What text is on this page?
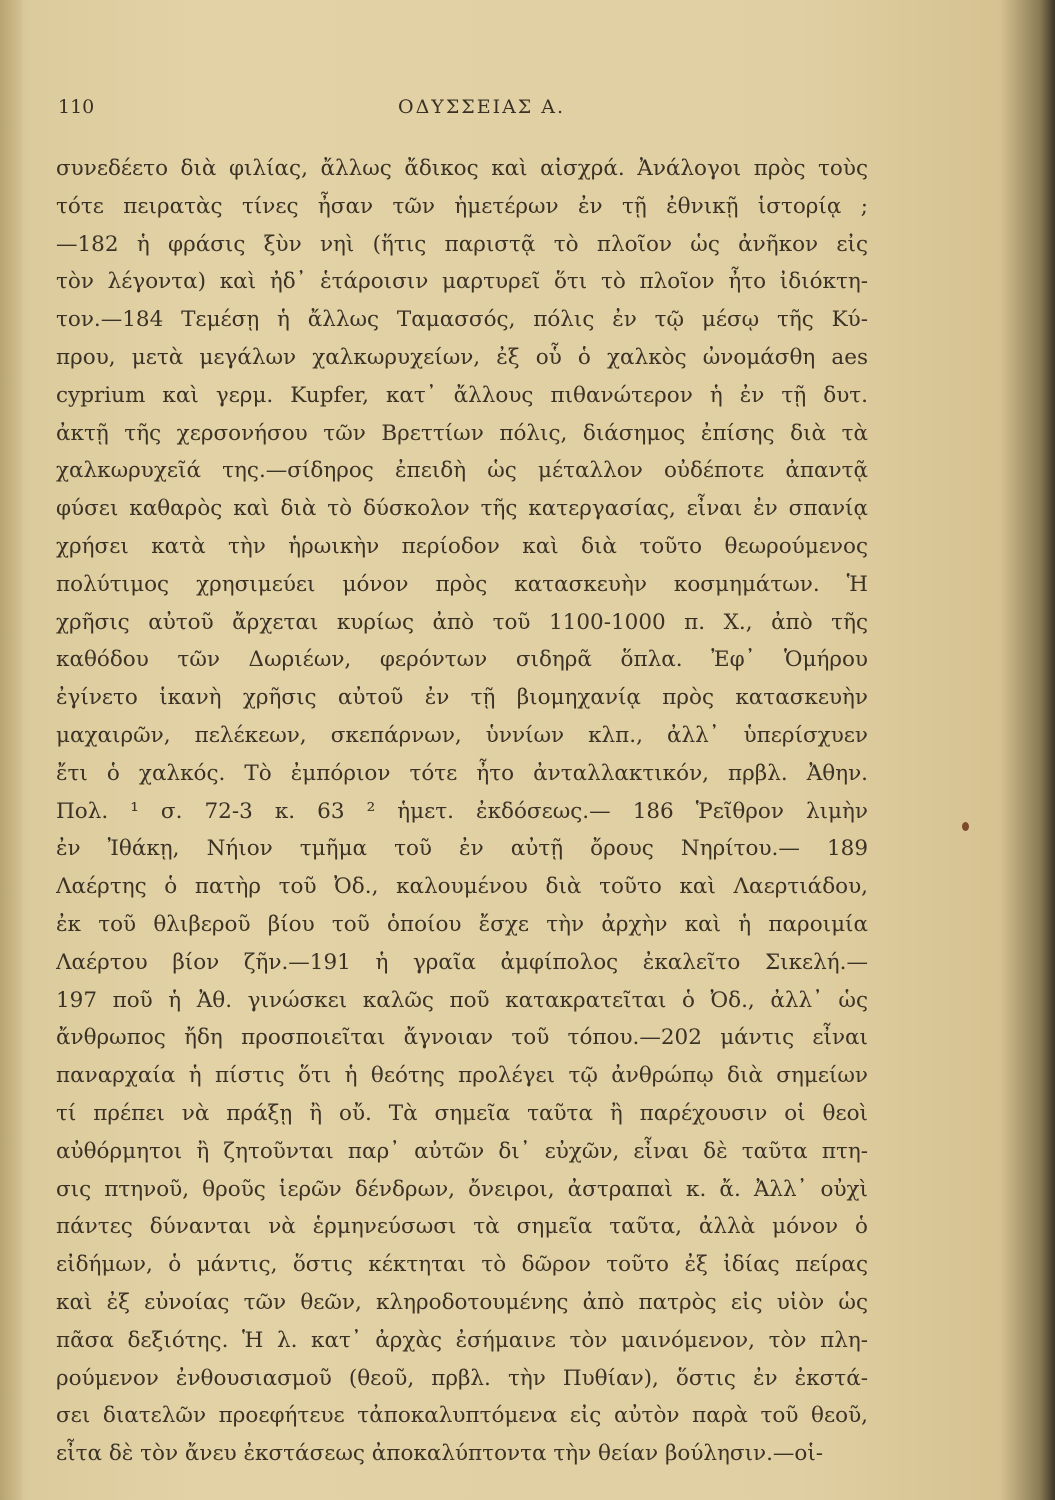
110	ΟΔΥΣΣΕΙΑΣ Α.
συνεδέετο διὰ φιλίας, ἄλλως ἄδικος καὶ αἰσχρά. Ἀνάλογοι πρὸς τοὺς
τότε πειρατὰς τίνες ἦσαν τῶν ἡμετέρων ἐν τῇ ἐθνικῇ ἱστορίᾳ ;
—182 ἡ φράσις ξὺν νηὶ (ἥτις παριστᾷ τὸ πλοῖον ὡς ἀνῆκον εἰς
τὸν λέγοντα) καὶ ἠδ᾽ ἑτάροισιν μαρτυρεῖ ὅτι τὸ πλοῖον ἦτο ἰδιόκτη-
τον.—184 Τεμέσῃ ἡ ἄλλως Ταμασσός, πόλις ἐν τῷ μέσῳ τῆς Κύ-
πρου, μετὰ μεγάλων χαλκωρυχείων, ἐξ οὗ ὁ χαλκὸς ὠνομάσθη aes
cyprium καὶ γερμ. Kupfer, κατ᾽ ἄλλους πιθανώτερον ἡ ἐν τῇ δυτ.
ἀκτῇ τῆς χερσονήσου τῶν Βρεττίων πόλις, διάσημος ἐπίσης διὰ τὰ
χαλκωρυχεῖά της.—σίδηρος ἐπειδὴ ὡς μέταλλον οὐδέποτε ἀπαντᾷ
φύσει καθαρὸς καὶ διὰ τὸ δύσκολον τῆς κατεργασίας, εἶναι ἐν σπανίᾳ
χρήσει κατὰ τὴν ἡρωικὴν περίοδον καὶ διὰ τοῦτο θεωρούμενος
πολύτιμος χρησιμεύει μόνον πρὸς κατασκευὴν κοσμημάτων. Ἡ
χρῆσις αὐτοῦ ἄρχεται κυρίως ἀπὸ τοῦ 1100-1000 π. Χ., ἀπὸ τῆς
καθόδου τῶν Δωριέων, φερόντων σιδηρᾶ ὅπλα. Ἐφ᾽ Ὁμήρου
ἐγίνετο ἱκανὴ χρῆσις αὐτοῦ ἐν τῇ βιομηχανίᾳ πρὸς κατασκευὴν
μαχαιρῶν, πελέκεων, σκεπάρνων, ὑννίων κλπ., ἀλλ᾽ ὑπερίσχυεν
ἔτι ὁ χαλκός. Τὸ ἐμπόριον τότε ἦτο ἀνταλλακτικόν, πρβλ. Ἀθην.
Πολ. ¹ σ. 72-3 κ. 63 ² ἡμετ. ἐκδόσεως.— 186 Ῥεῖθρον λιμὴν
ἐν Ἰθάκῃ, Νήιον τμῆμα τοῦ ἐν αὐτῇ ὄρους Νηρίτου.— 189
Λαέρτης ὁ πατὴρ τοῦ Ὀδ., καλουμένου διὰ τοῦτο καὶ Λαερτιάδου,
ἐκ τοῦ θλιβεροῦ βίου τοῦ ὁποίου ἔσχε τὴν ἀρχὴν καὶ ἡ παροιμία
Λαέρτου βίον ζῆν.—191 ἡ γραῖα ἀμφίπολος ἐκαλεῖτο Σικελή.—
197 ποῦ ἡ Ἀθ. γινώσκει καλῶς ποῦ κατακρατεῖται ὁ Ὀδ., ἀλλ᾽ ὡς
ἄνθρωπος ἤδη προσποιεῖται ἄγνοιαν τοῦ τόπου.—202 μάντις εἶναι
παναρχαία ἡ πίστις ὅτι ἡ θεότης προλέγει τῷ ἀνθρώπῳ διὰ σημείων
τί πρέπει νὰ πράξῃ ἢ οὔ. Τὰ σημεῖα ταῦτα ἢ παρέχουσιν οἱ θεοὶ
αὐθόρμητοι ἢ ζητοῦνται παρ᾽ αὐτῶν δι᾽ εὐχῶν, εἶναι δὲ ταῦτα πτη-
σις πτηνοῦ, θροῦς ἱερῶν δένδρων, ὄνειροι, ἀστραπαὶ κ. ἄ. Ἀλλ᾽ οὐχὶ
πάντες δύνανται νὰ ἑρμηνεύσωσι τὰ σημεῖα ταῦτα, ἀλλὰ μόνον ὁ
εἰδήμων, ὁ μάντις, ὅστις κέκτηται τὸ δῶρον τοῦτο ἐξ ἰδίας πείρας
καὶ ἐξ εὐνοίας τῶν θεῶν, κληροδοτουμένης ἀπὸ πατρὸς εἰς υἱὸν ὡς
πᾶσα δεξιότης. Ἡ λ. κατ᾽ ἀρχὰς ἐσήμαινε τὸν μαινόμενον, τὸν πλη-
ρούμενον ἐνθουσιασμοῦ (θεοῦ, πρβλ. τὴν Πυθίαν), ὅστις ἐν ἐκστά-
σει διατελῶν προεφήτευε τἀποκαλυπτόμενα εἰς αὐτὸν παρὰ τοῦ θεοῦ,
εἶτα δὲ τὸν ἄνευ ἐκστάσεως ἀποκαλύπτοντα τὴν θείαν βούλησιν.—οἱ-
